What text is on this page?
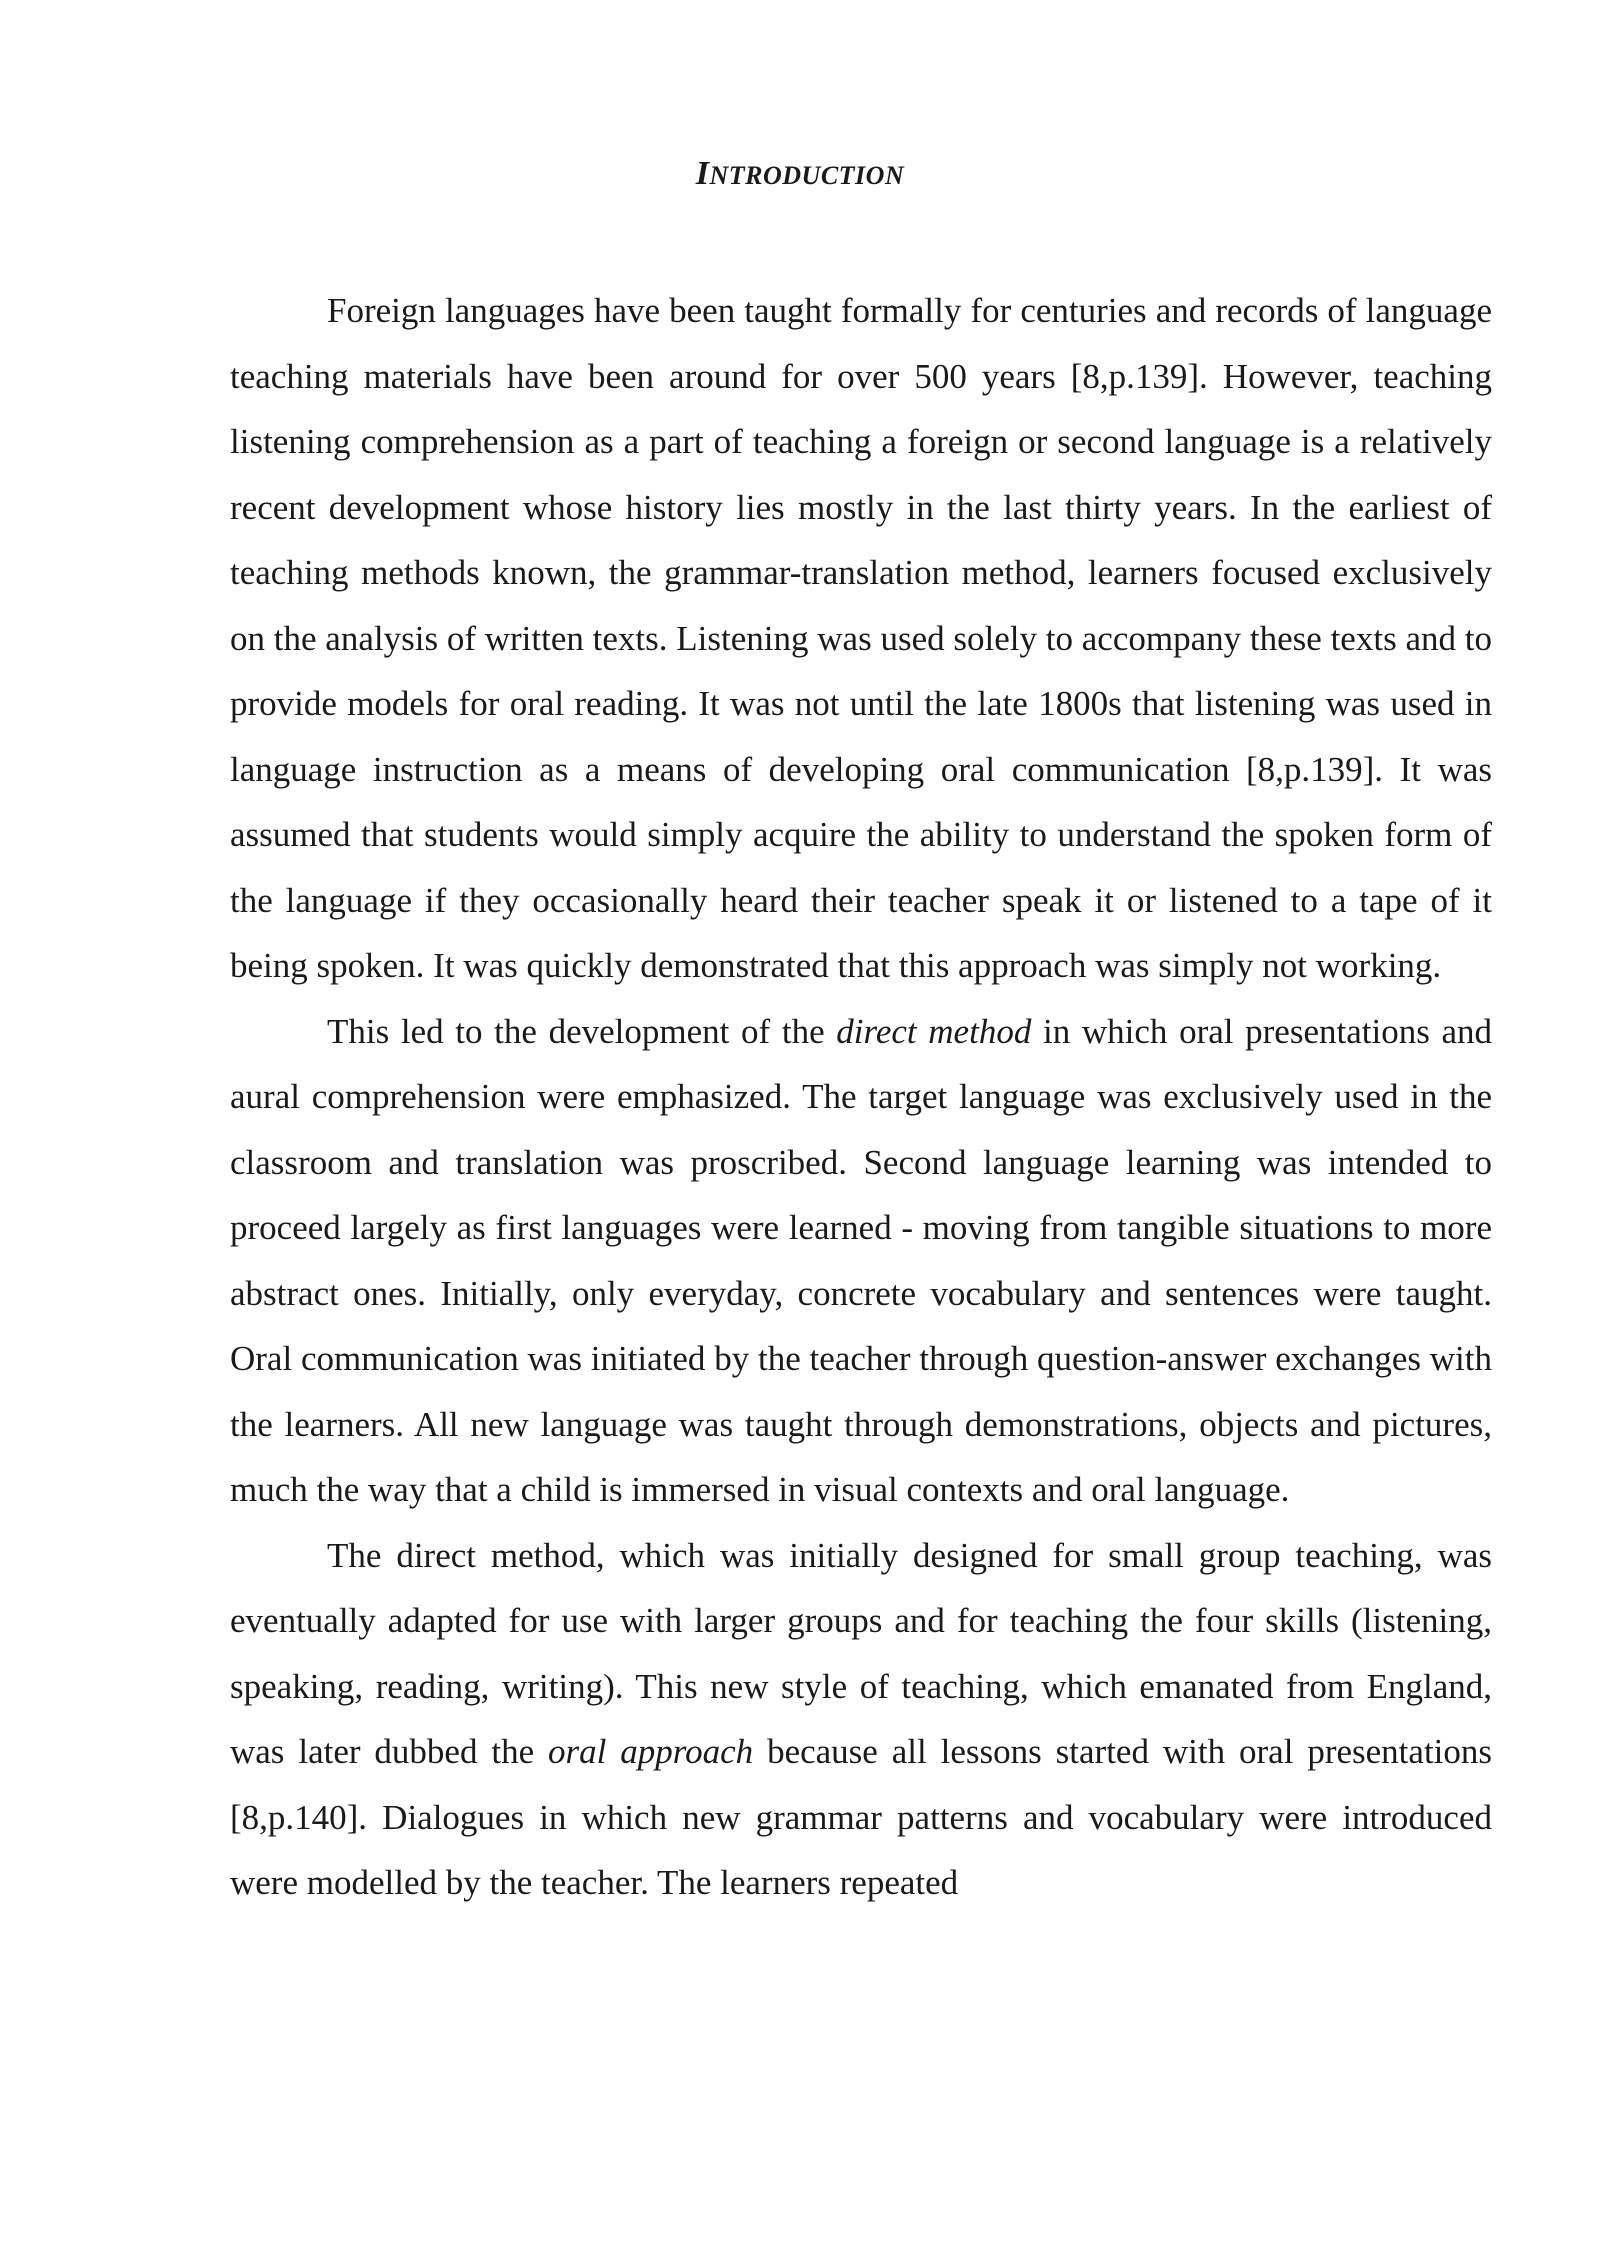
INTRODUCTION

Foreign languages have been taught formally for centuries and records of language teaching materials have been around for over 500 years [8,p.139]. However, teaching listening comprehension as a part of teaching a foreign or second language is a relatively recent development whose history lies mostly in the last thirty years. In the earliest of teaching methods known, the grammar-translation method, learners focused exclusively on the analysis of written texts. Listening was used solely to accompany these texts and to provide models for oral reading. It was not until the late 1800s that listening was used in language instruction as a means of developing oral communication [8,p.139]. It was assumed that students would simply acquire the ability to understand the spoken form of the language if they occasionally heard their teacher speak it or listened to a tape of it being spoken. It was quickly demonstrated that this approach was simply not working.

This led to the development of the direct method in which oral presentations and aural comprehension were emphasized. The target language was exclusively used in the classroom and translation was proscribed. Second language learning was intended to proceed largely as first languages were learned - moving from tangible situations to more abstract ones. Initially, only everyday, concrete vocabulary and sentences were taught. Oral communication was initiated by the teacher through question-answer exchanges with the learners. All new language was taught through demonstrations, objects and pictures, much the way that a child is immersed in visual contexts and oral language.

The direct method, which was initially designed for small group teaching, was eventually adapted for use with larger groups and for teaching the four skills (listening, speaking, reading, writing). This new style of teaching, which emanated from England, was later dubbed the oral approach because all lessons started with oral presentations [8,p.140]. Dialogues in which new grammar patterns and vocabulary were introduced were modelled by the teacher. The learners repeated
